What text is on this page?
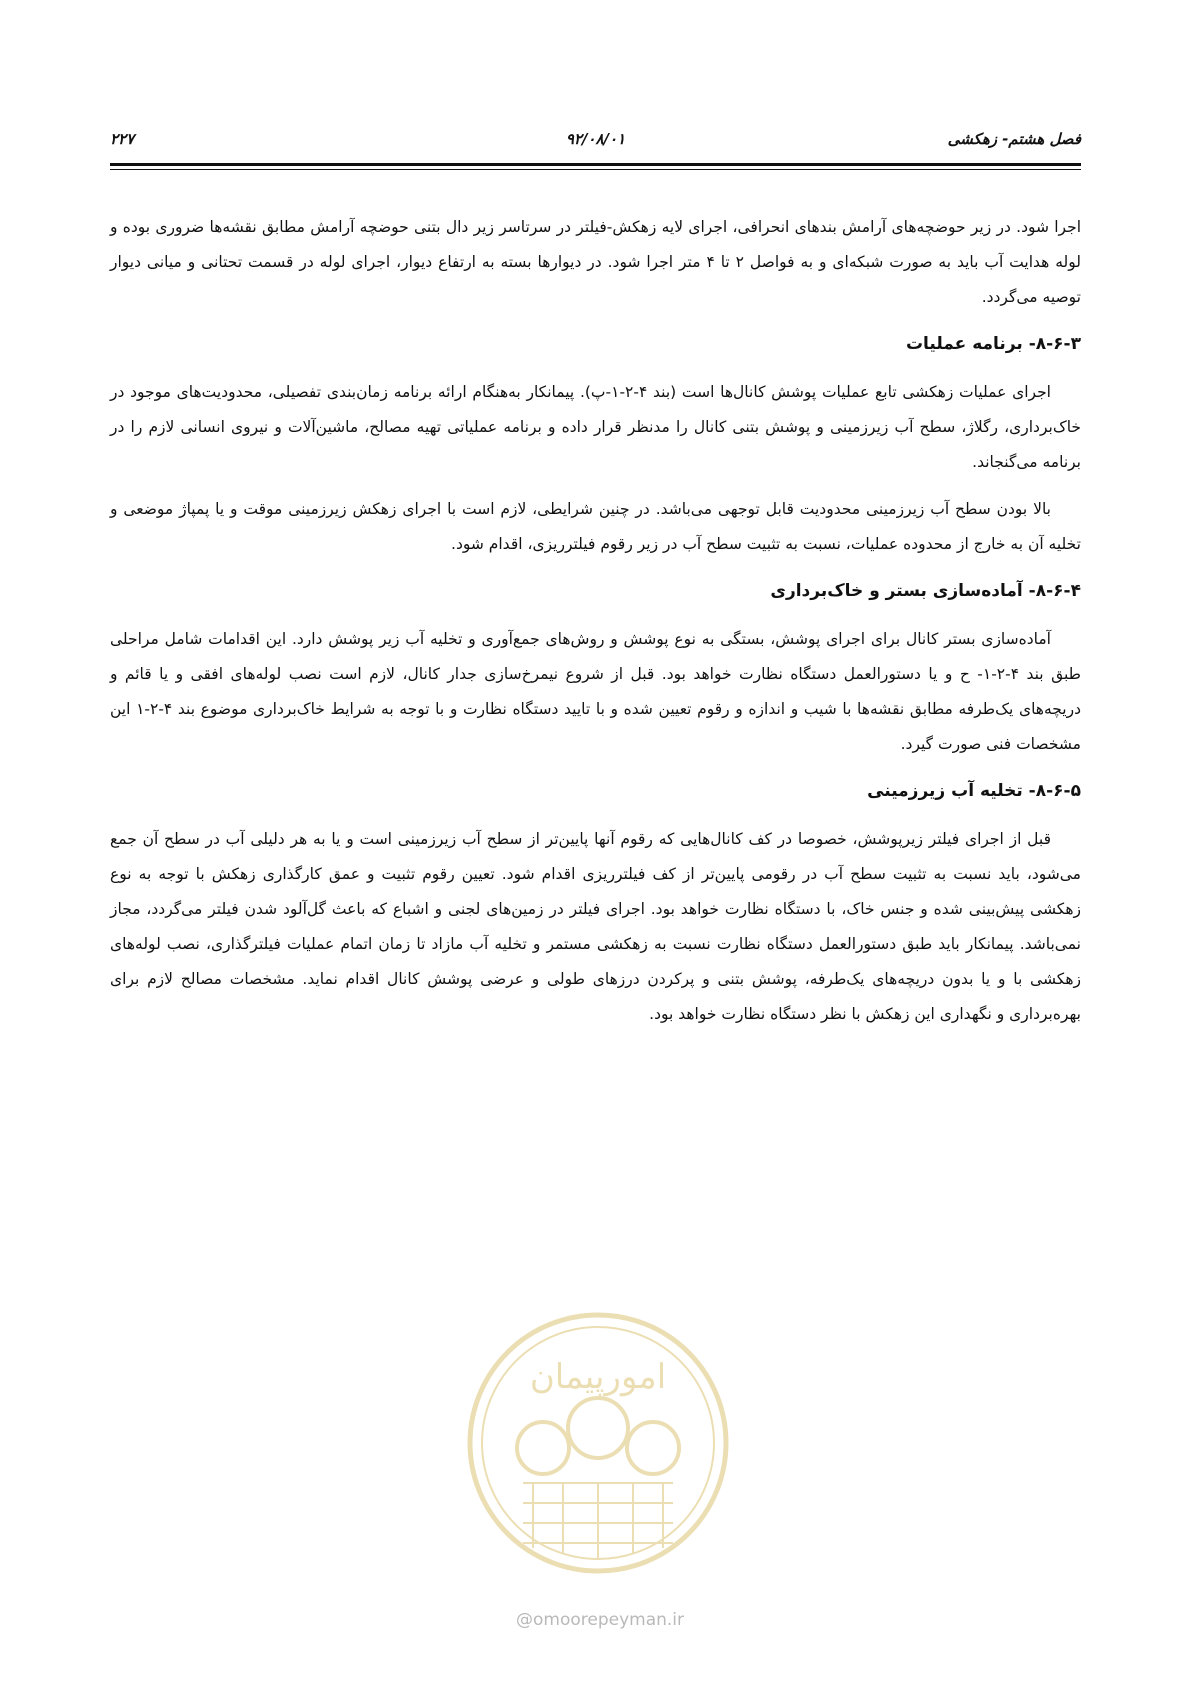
فصل هشتم- زهکشی
۹۲/۰۸/۰۱
۲۲۷

اجرا شود. در زیر حوضچه‌های آرامش بندهای انحرافی، اجرای لایه زهکش-فیلتر در سرتاسر زیر دال بتنی حوضچه آرامش مطابق نقشه‌ها ضروری بوده و لوله هدایت آب باید به صورت شبکه‌ای و به فواصل ۲ تا ۴ متر اجرا شود. در دیوارها بسته به ارتفاع دیوار، اجرای لوله در قسمت تحتانی و میانی دیوار توصیه می‌گردد.

۸-۶-۳- برنامه عملیات

اجرای عملیات زهکشی تابع عملیات پوشش کانال‌ها است (بند ۴-۲-۱-پ). پیمانکار به‌هنگام ارائه برنامه زمان‌بندی تفصیلی، محدودیت‌های موجود در خاک‌برداری، رگلاژ، سطح آب زیرزمینی و پوشش بتنی کانال را مدنظر قرار داده و برنامه عملیاتی تهیه مصالح، ماشین‌آلات و نیروی انسانی لازم را در برنامه می‌گنجاند.

بالا بودن سطح آب زیرزمینی محدودیت قابل توجهی می‌باشد. در چنین شرایطی، لازم است با اجرای زهکش زیرزمینی موقت و یا پمپاژ موضعی و تخلیه آن به خارج از محدوده عملیات، نسبت به تثبیت سطح آب در زیر رقوم فیلترریزی، اقدام شود.

۸-۶-۴- آماده‌سازی بستر و خاک‌برداری

آماده‌سازی بستر کانال برای اجرای پوشش، بستگی به نوع پوشش و روش‌های جمع‌آوری و تخلیه آب زیر پوشش دارد. این اقدامات شامل مراحلی طبق بند ۴-۲-۱- ح و یا دستورالعمل دستگاه نظارت خواهد بود. قبل از شروع نیمرخ‌سازی جدار کانال، لازم است نصب لوله‌های افقی و یا قائم و دریچه‌های یک‌طرفه مطابق نقشه‌ها با شیب و اندازه و رقوم تعیین شده و با تایید دستگاه نظارت و با توجه به شرایط خاک‌برداری موضوع بند ۴-۲-۱ این مشخصات فنی صورت گیرد.

۸-۶-۵- تخلیه آب زیرزمینی

قبل از اجرای فیلتر زیرپوشش، خصوصا در کف کانال‌هایی که رقوم آنها پایین‌تر از سطح آب زیرزمینی است و یا به هر دلیلی آب در سطح آن جمع می‌شود، باید نسبت به تثبیت سطح آب در رقومی پایین‌تر از کف فیلترریزی اقدام شود. تعیین رقوم تثبیت و عمق کارگذاری زهکش با توجه به نوع زهکشی پیش‌بینی شده و جنس خاک، با دستگاه نظارت خواهد بود. اجرای فیلتر در زمین‌های لجنی و اشباع که باعث گل‌آلود شدن فیلتر می‌گردد، مجاز نمی‌باشد. پیمانکار باید طبق دستورالعمل دستگاه نظارت نسبت به زهکشی مستمر و تخلیه آب مازاد تا زمان اتمام عملیات فیلترگذاری، نصب لوله‌های زهکشی با و یا بدون دریچه‌های یک‌طرفه، پوشش بتنی و پرکردن درزهای طولی و عرضی پوشش کانال اقدام نماید. مشخصات مصالح لازم برای بهره‌برداری و نگهداری این زهکش با نظر دستگاه نظارت خواهد بود.

امورپیمان
@omoorepeyman.ir
